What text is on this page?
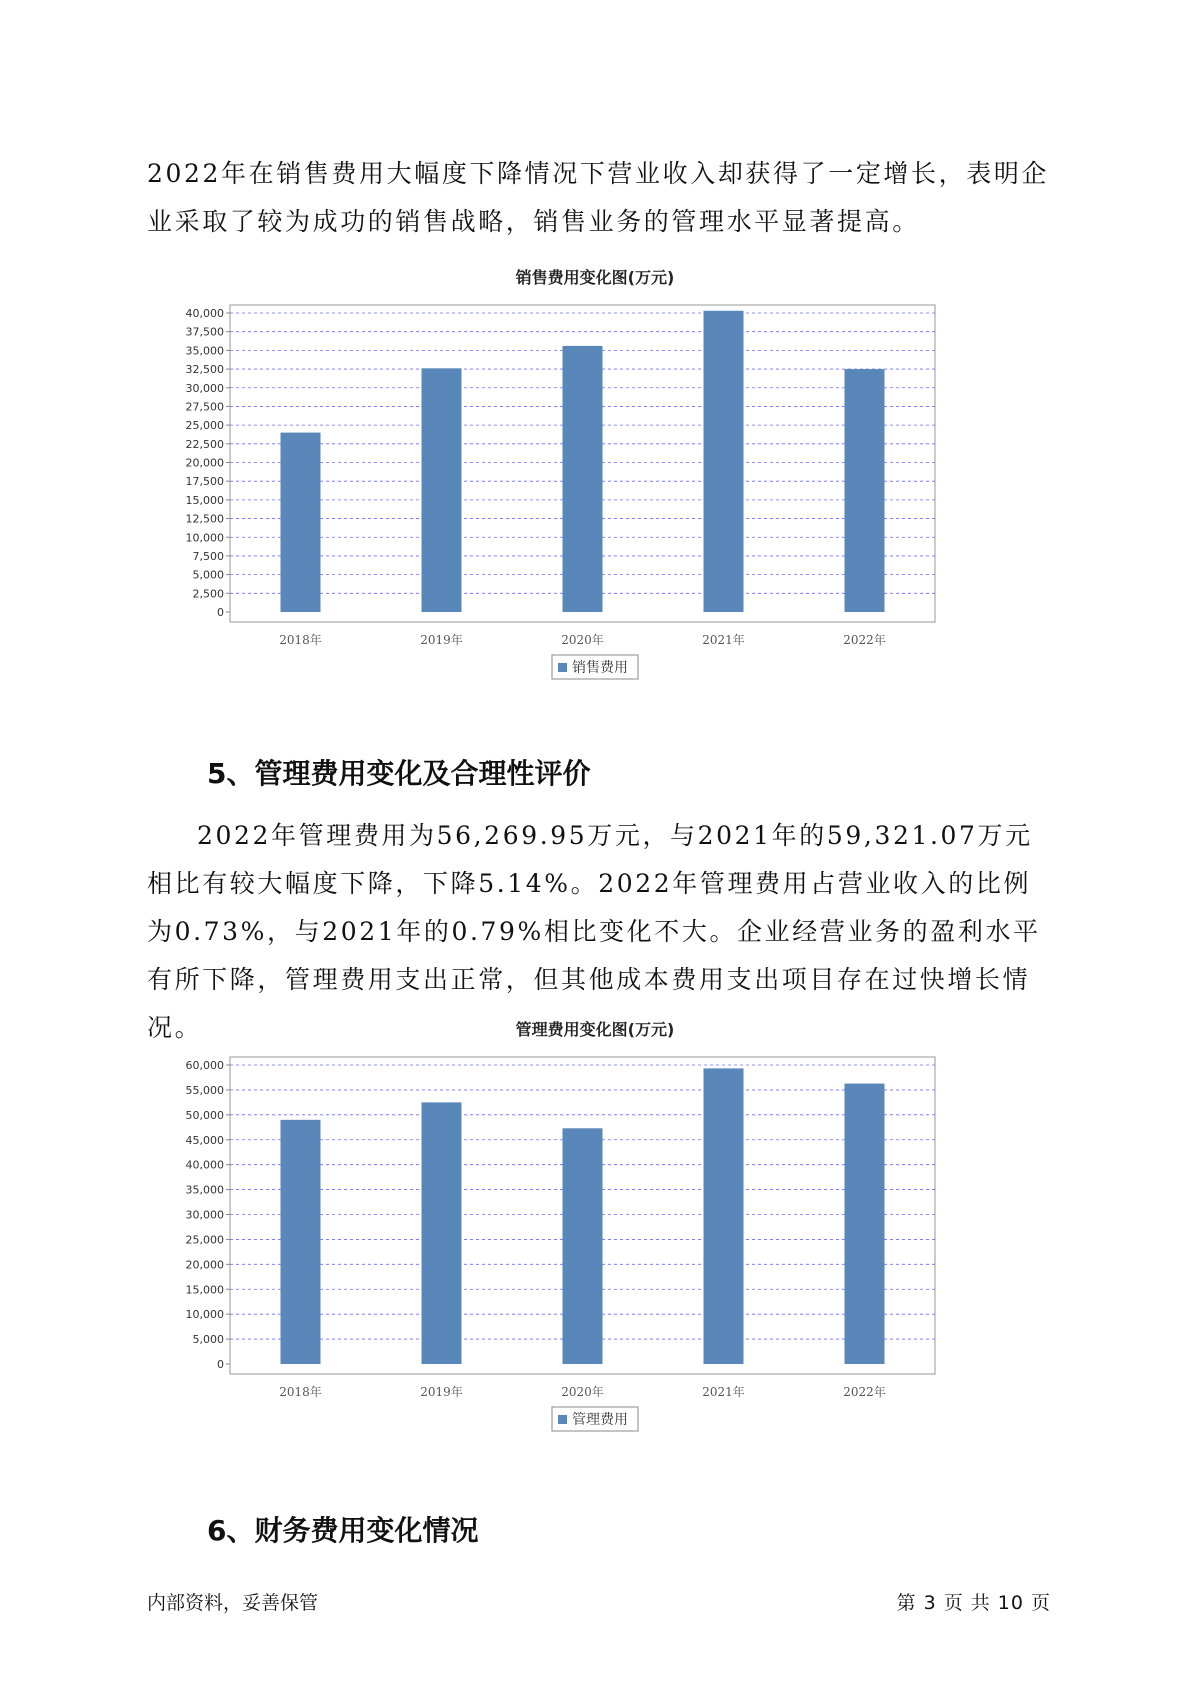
2022年在销售费用大幅度下降情况下营业收入却获得了一定增长，表明企业采取了较为成功的销售战略，销售业务的管理水平显著提高。

销售费用变化图(万元)
0
2,500
5,000
7,500
10,000
12,500
15,000
17,500
20,000
22,500
25,000
27,500
30,000
32,500
35,000
37,500
40,000
2018年	2019年	2020年	2021年	2022年
销售费用
5、管理费用变化及合理性评价

2022年管理费用为56,269.95万元，与2021年的59,321.07万元相比有较大幅度下降，下降5.14%。2022年管理费用占营业收入的比例为0.73%，与2021年的0.79%相比变化不大。企业经营业务的盈利水平有所下降，管理费用支出正常，但其他成本费用支出项目存在过快增长情况。	管理费用变化图(万元)
0
5,000
10,000
15,000
20,000
25,000
30,000
35,000
40,000
45,000
50,000
55,000
60,000
2018年	2019年	2020年	2021年	2022年
管理费用
6、财务费用变化情况
内部资料，妥善保管	第 3 页 共 10 页
